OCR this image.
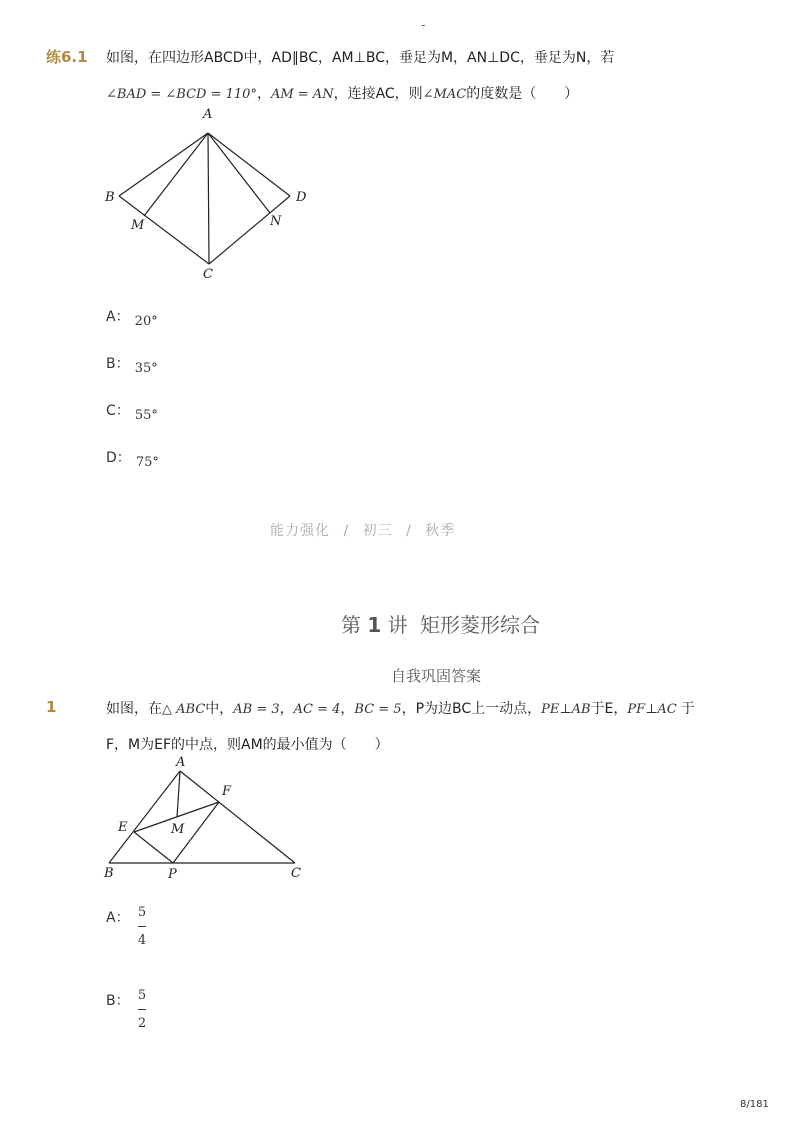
-
练6.1 如图，在四边形ABCD中，AD∥BC，AM⊥BC，垂足为M，AN⊥DC，垂足为N，若
∠BAD = ∠BCD = 110°，AM = AN，连接AC，则∠MAC的度数是（　　）
A
B
C
D
M	N
A： $_{20^\circ}$
B： $_{35^\circ}$
C： $_{55^\circ}$
D： $_{75^\circ}$
能力强化 / 初三 / 秋季
第 1 讲 矩形菱形综合
自我巩固答案
1	如图，在△ ABC中，AB = 3，AC = 4，BC = 5，P为边BC上一动点，PE⊥AB于E，PF⊥AC 于
F，M为EF的中点，则AM的最小值为（　　）
A
B	C
E
F
M
P
A： 5
4
B： 5
2
8/181
